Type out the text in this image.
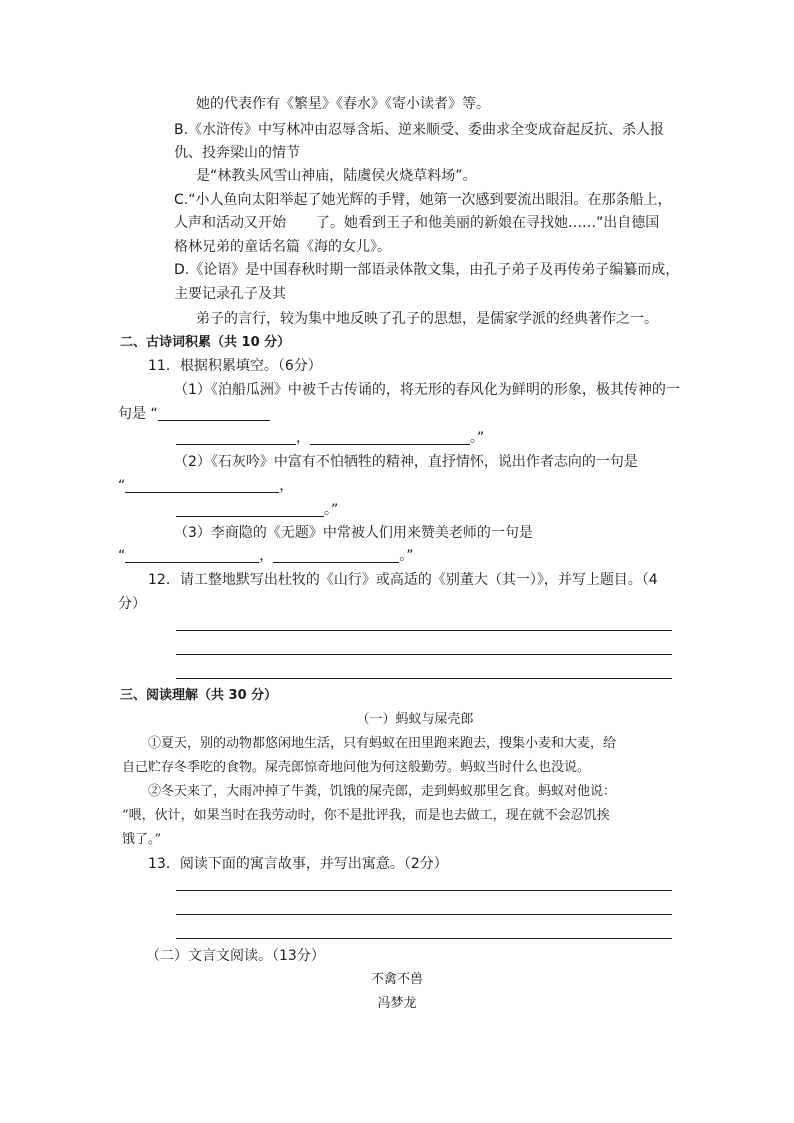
她的代表作有《繁星》《春水》《寄小读者》等。
B.《水浒传》中写林冲由忍辱含垢、逆来顺受、委曲求全变成奋起反抗、杀人报
仇、投奔梁山的情节
是“林教头风雪山神庙，陆虞侯火烧草料场”。
C.“小人鱼向太阳举起了她光辉的手臂，她第一次感到要流出眼泪。在那条船上，
人声和活动又开始 了。她看到王子和他美丽的新娘在寻找她……”出自德国
格林兄弟的童话名篇《海的女儿》。
D.《论语》是中国春秋时期一部语录体散文集，由孔子弟子及再传弟子编纂而成，
主要记录孔子及其
弟子的言行，较为集中地反映了孔子的思想，是儒家学派的经典著作之一。
二、古诗词积累（共 10 分）
11．根据积累填空。（6分）
（1）《泊船瓜洲》中被千古传诵的，将无形的春风化为鲜明的形象，极其传神的一
句是 “
，	。”
（2）《石灰吟》中富有不怕牺牲的精神，直抒情怀，说出作者志向的一句是
“	，
。”
（3）李商隐的《无题》中常被人们用来赞美老师的一句是
“	，	。”
12．请工整地默写出杜牧的《山行》或高适的《别董大（其一）》，并写上题目。（4
分）
三、阅读理解（共 30 分）
（一）蚂蚁与屎壳郎
①夏天，别的动物都悠闲地生活，只有蚂蚁在田里跑来跑去，搜集小麦和大麦，给
自己贮存冬季吃的食物。屎壳郎惊奇地问他为何这般勤劳。蚂蚁当时什么也没说。
②冬天来了，大雨冲掉了牛粪，饥饿的屎壳郎，走到蚂蚁那里乞食。蚂蚁对他说：
“喂，伙计，如果当时在我劳动时，你不是批评我，而是也去做工，现在就不会忍饥挨
饿了。”
13．阅读下面的寓言故事，并写出寓意。（2分）
（二）文言文阅读。（13分）
不禽不兽
冯梦龙
